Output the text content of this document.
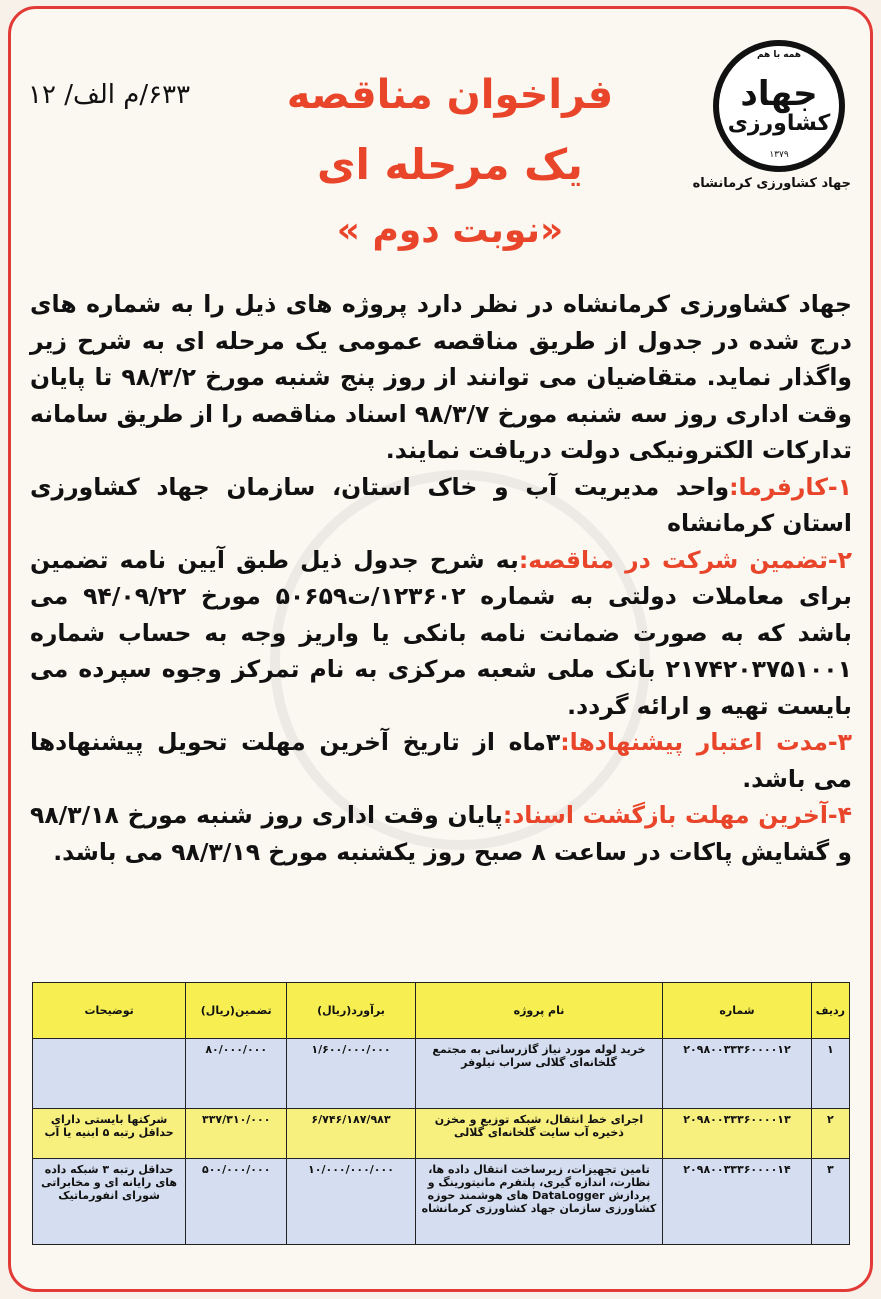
همه با هم
جهاد
کشاورزی
۱۳۷۹
جهاد کشاورزی کرمانشاه
۶۳۳/م الف/ ۱۲	فراخوان مناقصه
یک مرحله ای
« نوبت دوم»

جهاد کشاورزی کرمانشاه در نظر دارد پروژه های ذیل را به شماره های درج شده در جدول از طریق مناقصه عمومی یک مرحله ای به شرح زیر واگذار نماید. متقاضیان می توانند از روز پنج شنبه مورخ ۹۸/۳/۲ تا پایان وقت اداری روز سه شنبه مورخ ۹۸/۳/۷ اسناد مناقصه را از طریق سامانه تدارکات الکترونیکی دولت دریافت نمایند.

۱-کارفرما:واحد مدیریت آب و خاک استان، سازمان جهاد کشاورزی استان کرمانشاه

۲-تضمین شرکت در مناقصه:به شرح جدول ذیل طبق آیین نامه تضمین برای معاملات دولتی به شماره ۱۲۳۶۰۲/ت۵۰۶۵۹ مورخ ۹۴/۰۹/۲۲ می باشد که به صورت ضمانت نامه بانکی یا واریز وجه به حساب شماره ۲۱۷۴۲۰۳۷۵۱۰۰۱ بانک ملی شعبه مرکزی به نام تمرکز وجوه سپرده می بایست تهیه و ارائه گردد.

۳-مدت اعتبار پیشنهادها:۳ماه از تاریخ آخرین مهلت تحویل پیشنهادها می باشد.

۴-آخرین مهلت بازگشت اسناد:پایان وقت اداری روز شنبه مورخ ۹۸/۳/۱۸ و گشایش پاکات در ساعت ۸ صبح روز یکشنبه مورخ ۹۸/۳/۱۹ می باشد.

ردیف	شماره	نام پروژه	برآورد(ریال)	تضمین(ریال)	توضیحات
۱	۲۰۹۸۰۰۳۳۳۶۰۰۰۰۱۲	خرید لوله مورد نیاز گازرسانی به مجتمع گلخانه‌ای گلالی سراب نیلوفر	۱/۶۰۰/۰۰۰/۰۰۰	۸۰/۰۰۰/۰۰۰	
۲	۲۰۹۸۰۰۳۳۳۶۰۰۰۰۱۳	اجرای خط انتقال، شبکه توزیع و مخزن ذخیره آب سایت گلخانه‌ای گلالی	۶/۷۴۶/۱۸۷/۹۸۳	۳۳۷/۳۱۰/۰۰۰	شرکتها بایستی دارای حداقل رتبه ۵ ابنیه یا آب
۳	۲۰۹۸۰۰۳۳۳۶۰۰۰۰۱۴	تامین تجهیزات، زیرساخت انتقال داده ها، نظارت، اندازه گیری، پلتفرم مانیتورینگ و پردازش DataLogger های هوشمند حوزه کشاورزی سازمان جهاد کشاورزی کرمانشاه	۱۰/۰۰۰/۰۰۰/۰۰۰	۵۰۰/۰۰۰/۰۰۰	حداقل رتبه ۳ شبکه داده های رایانه ای و مخابراتی شورای انفورماتیک
